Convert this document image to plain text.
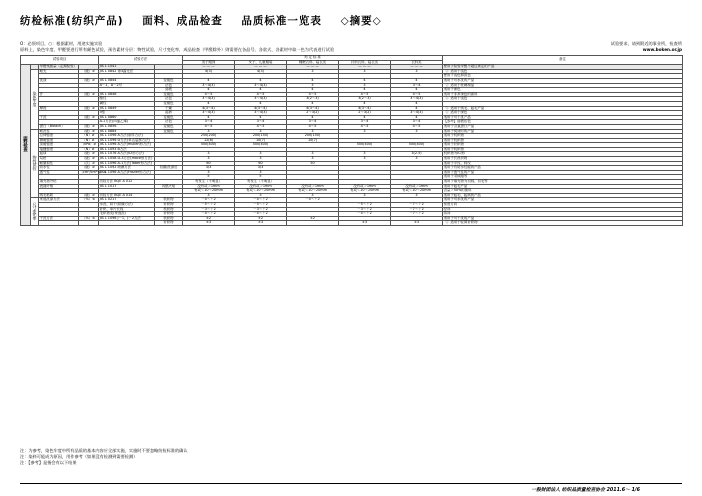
纺检标准(纺织产品) 面料、成品检查 品质标准一览表 ◇摘要◇
O：必须项目，○：根据素材，用途实施实验
原料上，染色牢度，甲醛要进行所有颜色试验，预告素材分层：物性试验，尺寸变化率，成品检查（甲醛除外）则需要在各品号、各款式、各素材中取一色为代表进行试验
试验要求，请到附近的事业所，检查所
www.boken.or.jp
试验项目				试验方法		判 定 标 准					备注
						男子服饰	女子、儿童服装	睡眠衣料、寝衣类	针织衣料、寝衣类	衣料类	
面料检查		甲醛残留量（定期检验）		JIS L 1041		— — —	— — —	— — —	— — —	— — —	使用于检验甲醛不超过规定的产品
	染色牢度	耐光	（级）≥	JIS L 0842 第3露光法		4(3)	4(3)	3	3	3	（）适用于浅色
											使用于浅色和淡色
		洗涤	（级）≥	JIS L 0844	变褪色	4	4	4	4	4	适用于可水洗的产品
				A－1，A－2号	沾色	3～4(3)	3～4(3)	3	3	3～4	（）适用于丝绸制品
					溶液	4	4	4	4	4	适用于深色
		汗	（级）≥	JIS L 0848	变褪色	4～5	4～5	4～5	4～5	4～5	适用于非常深色的面料
				酸性	沾色	3～4(3)	3～4(3)	3(2～3)	3(2～3)	3～4(3)	（）适用于浅色
				碱性	变褪色	4	4	4	4	4	
		摩擦	（级）≥	JIS L 0849	干燥	4(3～4)	4(3～4)	4(3～4)	4(3～4)	4	（）适用于绒毛、起毛产品
				II型	湿润	3～4(3)	3～4(3)	2～3(2)	2～3(2)	3～4(3)	（）适用于深色
		干洗	（级）≥	JIS L 0860	变褪色	4	4	4	4	4	适用于可干洗产品
				A-1方法(四氯乙烯)	沾色	3～4	3～4	3～4	3～4	3～4	【参考】溶液沾色
		漂白（Bleach）	（级）≥	JIS L 0856	变褪色	4～5	4～5	4～5	4～5	4～5	适用于含氯漂白产品
	物性试验	耐洗性	（级）≥	JIS L 0884	变褪色	3	3	3	3	3	适用于熨烫时的产品
		拉伸强度	（N）≥	JIS L 1096 A方法(条样方法)		250(200)	200(150)	200(150)			适用于机织物
		撕破强度	（N）≥	JIS L 1096 D方法(单舌裂摆方法)		12(8)	10(7)	10(7)			适用于机织物
		顶破强度	（kPa）≥	JIS L 1096 A方法(mullen形方法)		500(400)	500(400)		500(400)	500(400)	适用于针织物
		接缝强度	（N）≥	JIS L 1093 B方法							适用于机织物
		起球	（级）≥	JIS L 1076 A方法(ICI形方法)		3	3	3	3	3(2.5)	机织物为ICI形
		勾丝	（级）≥	JIS L 1058 D-3方法(mace形方法)		3	3	3	3	3	适用于长丝织物
		耐磨损性	（次）≥	JIS L 1096 A-1方法(Taber形方法)		60	60	50			适用于平纹、斜纹
		防水性	（级）≥	JIS L 1092 喷淋方法	初期/洗涤后	3/3	3/3				适用于有防水性能的产品
		透气性	（cm³/cm²·s）≤	JIS L 1096 A方法(Frazier形方法)		3	3				适用于透气性的产品
						5	5				适用于羽绒服等
		填充物外钻		纺检方法 BQE A 012		有发生（不明显）	有发生（不明显）				适用于填充物为羽绒、羽毛等
		表面纤维		JIS L 1017	闪燃火焰	没有或＞1mm	没有或＞1mm	没有或＞1mm	没有或＞1mm	没有或＞1mm	适用于起毛产品
						有或＜10～20mm	有或＜10～20mm	有或＜10～20mm	有或＜10～20mm	有或＜10～20mm	含量＞50%的面料
		绒毛粘附	（级）≥	纺检方法 BQE A 014		3	3	3	3	3	适用于起毛、起绒的产品
	尺寸变化率	家庭洗涤方法	（%）≤	JIS L 0217	机织物	－4～＋2	－4～＋2	－4～＋2			适用于可水洗的产品
				水洗、烘干(烘燥方法)	针织物	－5～＋2	－5～＋2		－5～＋2	－7～＋2	宽度方向
				针织、单片长线	机织物	－3～＋2	－3～＋2		－3～＋2	－7～＋2	经向
				毛织物类(家庭洗)	针织物	－4～＋2	－4～＋2		－4～＋2	－7～＋2	纬向
		干洗方法	（%）≤	JIS L 1096 J－1、J－2方法	机织物	±2	±2	±2			适用于可干洗的产品
					针织物	±3	±3		±3	±3	（）适用于轻薄针织物
注：为参考，染色牢度中所有品质的基本内容应全部实施，实施时不要忽略纺检标准的确认
注：染料可能成为原因，用作参考（如果没有检测到需要检测）
注：【参考】是指会有以下结果
一般财团法人 纺织品质量检查协会 2011.6～ 1/6
